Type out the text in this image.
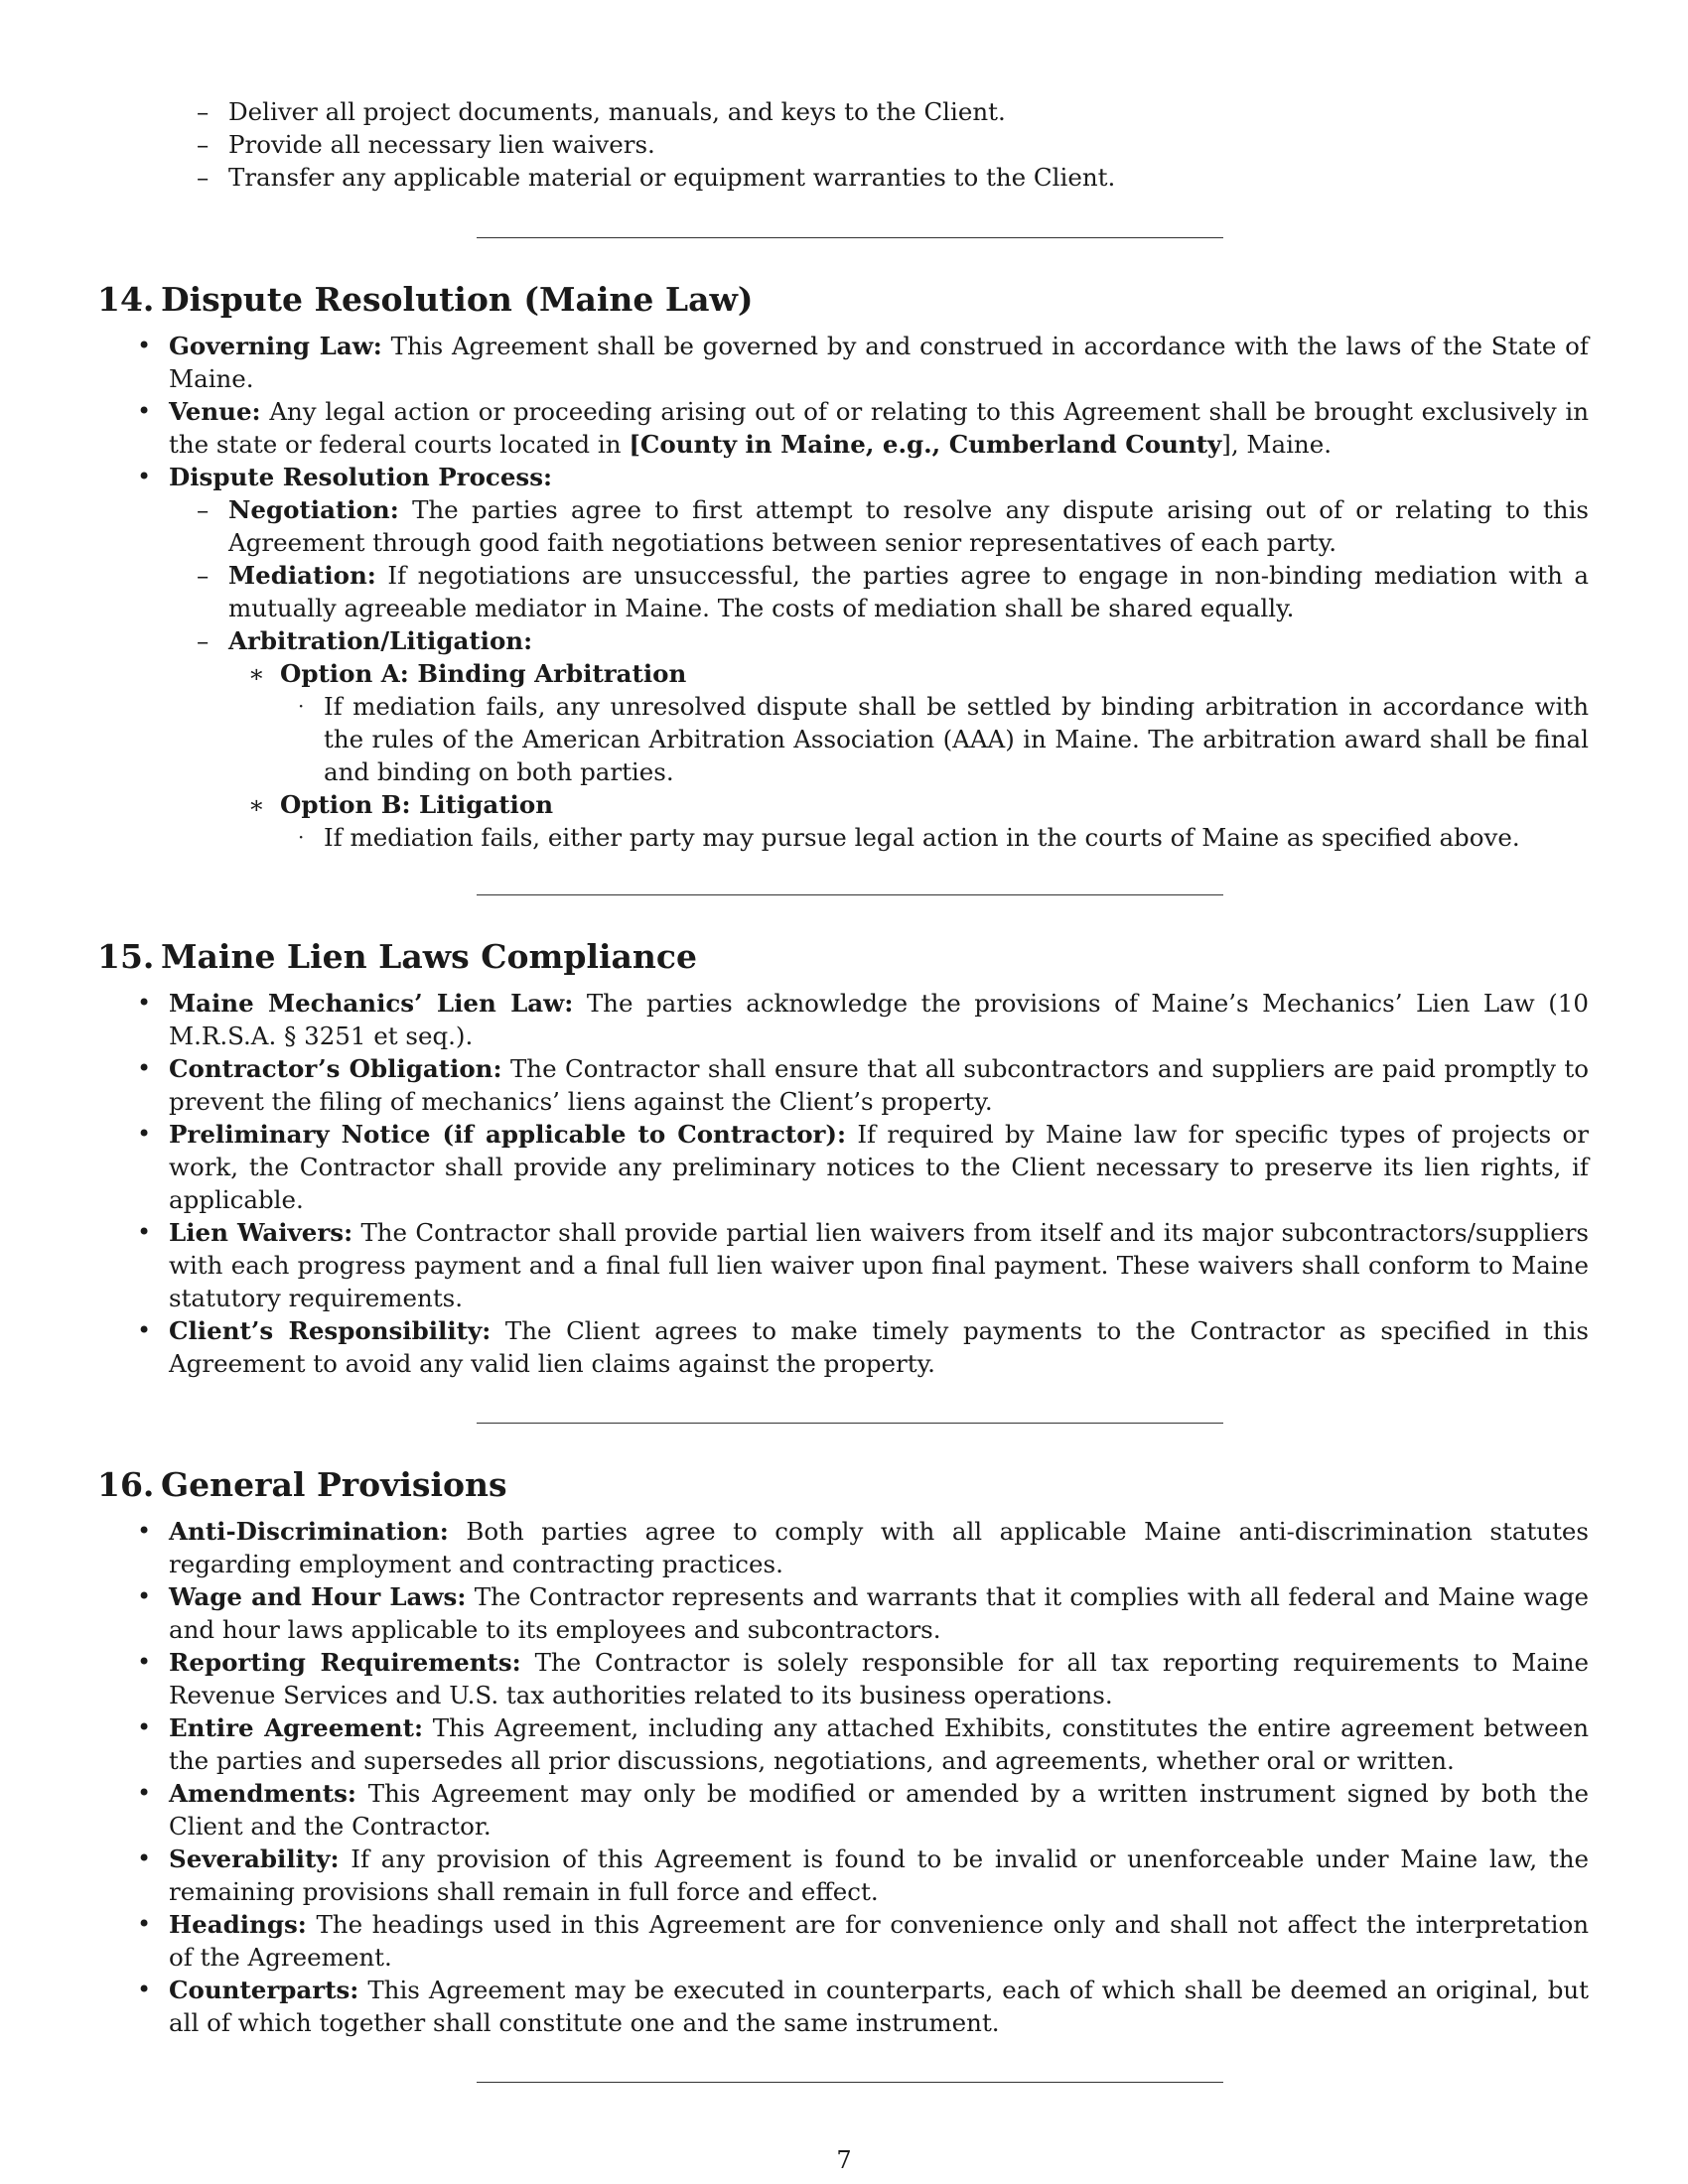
– Deliver all project documents, manuals, and keys to the Client.
– Provide all necessary lien waivers.
– Transfer any applicable material or equipment warranties to the Client.
14. Dispute Resolution (Maine Law)
• Governing Law: This Agreement shall be governed by and construed in accordance with the laws of the State of Maine.
• Venue: Any legal action or proceeding arising out of or relating to this Agreement shall be brought exclusively in the state or federal courts located in [County in Maine, e.g., Cumberland County], Maine.
• Dispute Resolution Process:
– Negotiation: The parties agree to first attempt to resolve any dispute arising out of or relating to this Agreement through good faith negotiations between senior representatives of each party.
– Mediation: If negotiations are unsuccessful, the parties agree to engage in non-binding mediation with a mutually agreeable mediator in Maine. The costs of mediation shall be shared equally.
– Arbitration/Litigation:
∗ Option A: Binding Arbitration
· If mediation fails, any unresolved dispute shall be settled by binding arbitration in accordance with the rules of the American Arbitration Association (AAA) in Maine. The arbitration award shall be final and binding on both parties.
∗ Option B: Litigation
· If mediation fails, either party may pursue legal action in the courts of Maine as specified above.
15. Maine Lien Laws Compliance
• Maine Mechanics’ Lien Law: The parties acknowledge the provisions of Maine’s Mechanics’ Lien Law (10 M.R.S.A. § 3251 et seq.).
• Contractor’s Obligation: The Contractor shall ensure that all subcontractors and suppliers are paid promptly to prevent the filing of mechanics’ liens against the Client’s property.
• Preliminary Notice (if applicable to Contractor): If required by Maine law for specific types of projects or work, the Contractor shall provide any preliminary notices to the Client necessary to preserve its lien rights, if applicable.
• Lien Waivers: The Contractor shall provide partial lien waivers from itself and its major subcontractors/suppliers with each progress payment and a final full lien waiver upon final payment. These waivers shall conform to Maine statutory requirements.
• Client’s Responsibility: The Client agrees to make timely payments to the Contractor as specified in this Agreement to avoid any valid lien claims against the property.
16. General Provisions
• Anti-Discrimination: Both parties agree to comply with all applicable Maine anti-discrimination statutes regarding employment and contracting practices.
• Wage and Hour Laws: The Contractor represents and warrants that it complies with all federal and Maine wage and hour laws applicable to its employees and subcontractors.
• Reporting Requirements: The Contractor is solely responsible for all tax reporting requirements to Maine Revenue Services and U.S. tax authorities related to its business operations.
• Entire Agreement: This Agreement, including any attached Exhibits, constitutes the entire agreement between the parties and supersedes all prior discussions, negotiations, and agreements, whether oral or written.
• Amendments: This Agreement may only be modified or amended by a written instrument signed by both the Client and the Contractor.
• Severability: If any provision of this Agreement is found to be invalid or unenforceable under Maine law, the remaining provisions shall remain in full force and effect.
• Headings: The headings used in this Agreement are for convenience only and shall not affect the interpretation of the Agreement.
• Counterparts: This Agreement may be executed in counterparts, each of which shall be deemed an original, but all of which together shall constitute one and the same instrument.
7
